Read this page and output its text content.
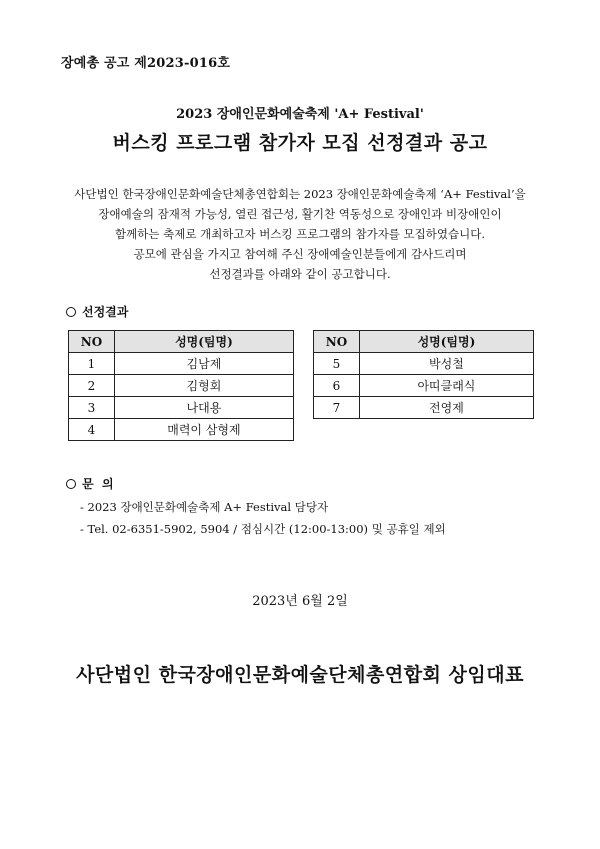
장예총 공고 제2023-016호
2023 장애인문화예술축제 'A+ Festival'
버스킹 프로그램 참가자 모집 선정결과 공고
사단법인 한국장애인문화예술단체총연합회는 2023 장애인문화예술축제 ‘A+ Festival’을
장애예술의 잠재적 가능성, 열린 접근성, 활기찬 역동성으로 장애인과 비장애인이
함께하는 축제로 개최하고자 버스킹 프로그램의 참가자를 모집하였습니다.
공모에 관심을 가지고 참여해 주신 장애예술인분들에게 감사드리며
선정결과를 아래와 같이 공고합니다.
선정결과
NO	성명(팀명)
1	김남제
2	김형회
3	나대용
4	매력이 삼형제
NO	성명(팀명)
5	박성철
6	아띠클래식
7	전영제
문  의
- 2023 장애인문화예술축제 A+ Festival 담당자
- Tel. 02-6351-5902, 5904 / 점심시간 (12:00-13:00) 및 공휴일 제외
2023년 6월 2일
사단법인 한국장애인문화예술단체총연합회 상임대표
